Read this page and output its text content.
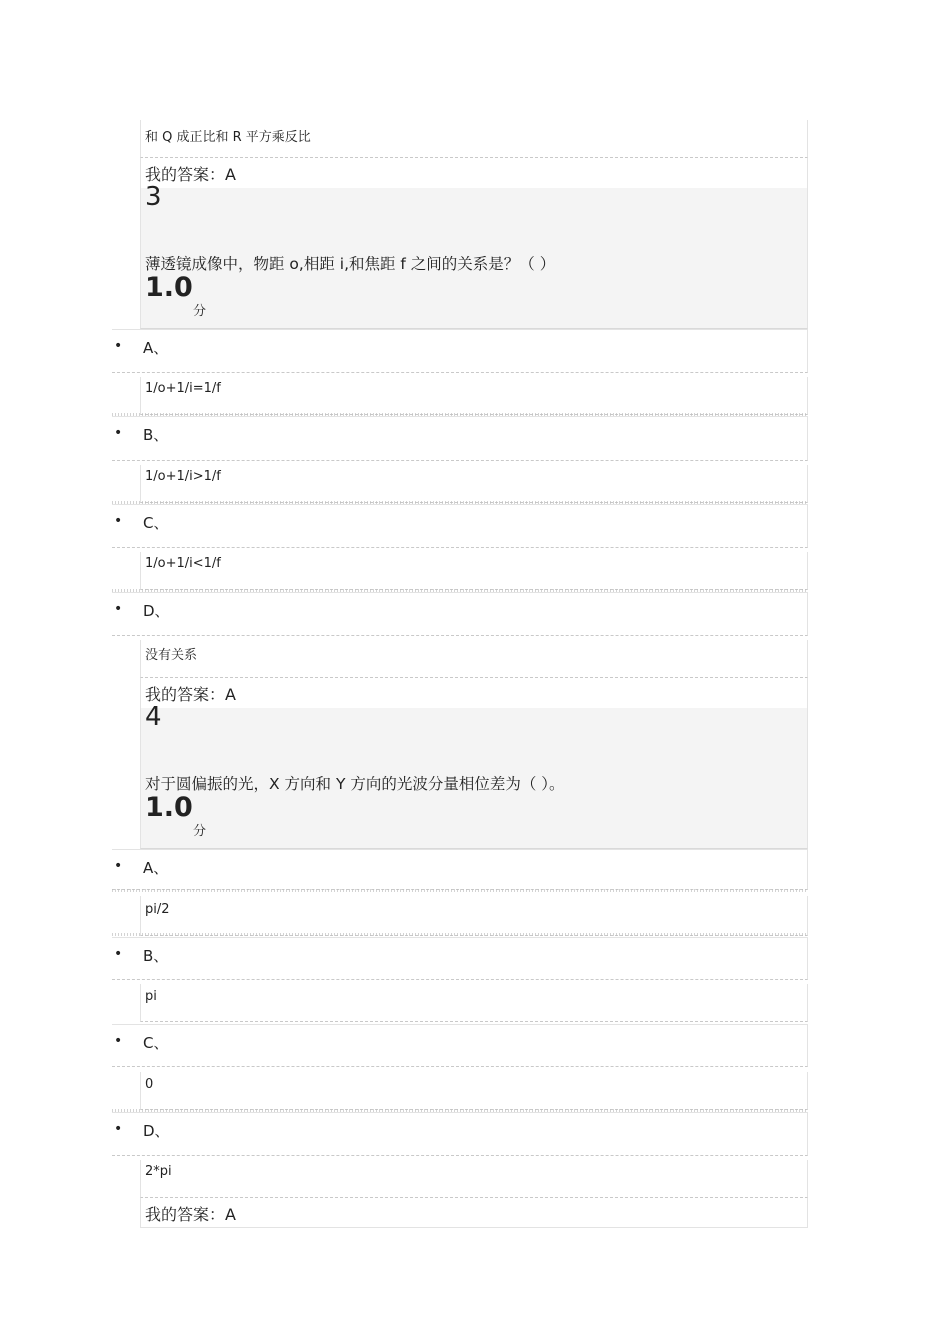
和 Q 成正比和 R 平方乘反比
我的答案：A
3
薄透镜成像中，物距 o,相距 i,和焦距 f 之间的关系是？（ ）
1.0
分
• A、
1/o+1/i=1/f
• B、
1/o+1/i>1/f
• C、
1/o+1/i<1/f
• D、
没有关系
我的答案：A
4
对于圆偏振的光，X 方向和 Y 方向的光波分量相位差为（ ）。
1.0
分
• A、
pi/2
• B、
pi
• C、
0
• D、
2*pi
我的答案：A
